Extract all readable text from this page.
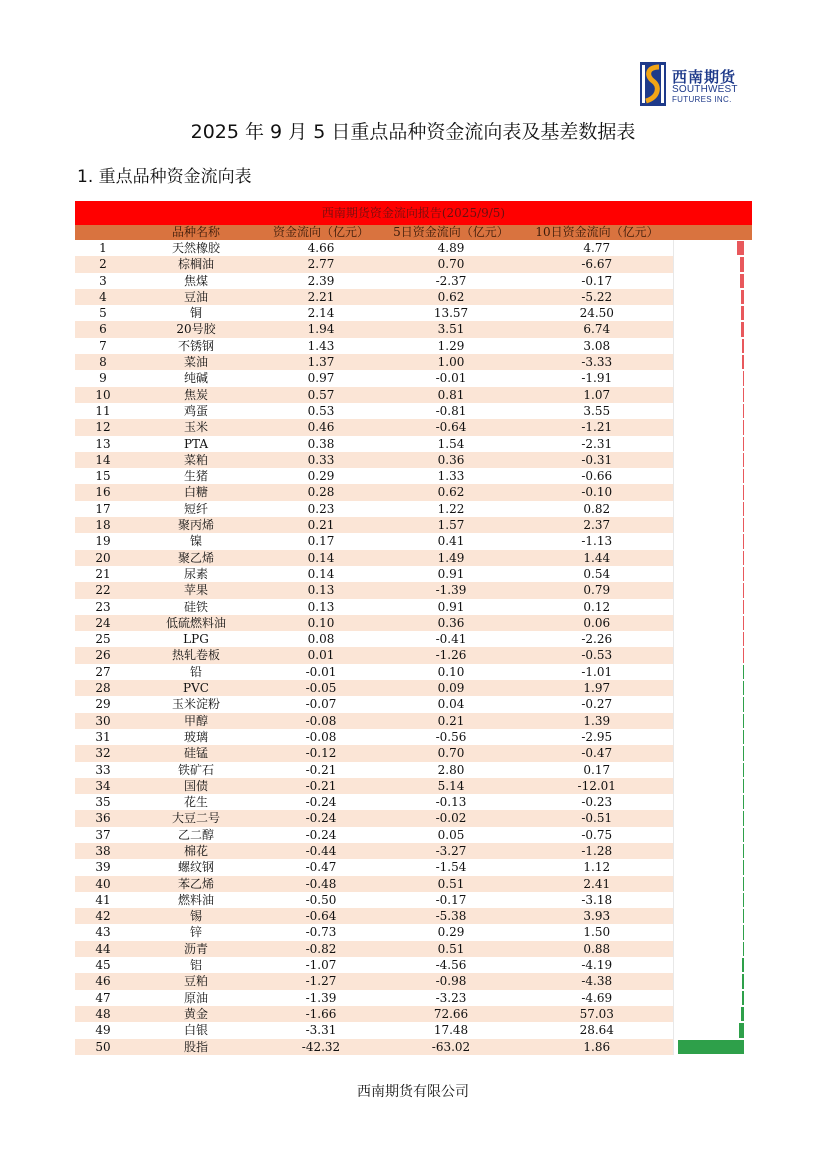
西南期货
SOUTHWEST
FUTURES INC.
2025 年 9 月 5 日重点品种资金流向表及基差数据表
1. 重点品种资金流向表
西南期货资金流向报告(2025/9/5)
	品种名称	资金流向（亿元）	5日资金流向（亿元）	10日资金流向（亿元）	
1	天然橡胶	4.66	4.89	4.77	

2	棕榈油	2.77	0.70	-6.67	

3	焦煤	2.39	-2.37	-0.17	

4	豆油	2.21	0.62	-5.22	

5	铜	2.14	13.57	24.50	

6	20号胶	1.94	3.51	6.74	

7	不锈钢	1.43	1.29	3.08	

8	菜油	1.37	1.00	-3.33	

9	纯碱	0.97	-0.01	-1.91	

10	焦炭	0.57	0.81	1.07	

11	鸡蛋	0.53	-0.81	3.55	

12	玉米	0.46	-0.64	-1.21	

13	PTA	0.38	1.54	-2.31	

14	菜粕	0.33	0.36	-0.31	

15	生猪	0.29	1.33	-0.66	

16	白糖	0.28	0.62	-0.10	

17	短纤	0.23	1.22	0.82	

18	聚丙烯	0.21	1.57	2.37	

19	镍	0.17	0.41	-1.13	

20	聚乙烯	0.14	1.49	1.44	

21	尿素	0.14	0.91	0.54	

22	苹果	0.13	-1.39	0.79	

23	硅铁	0.13	0.91	0.12	

24	低硫燃料油	0.10	0.36	0.06	

25	LPG	0.08	-0.41	-2.26	

26	热轧卷板	0.01	-1.26	-0.53	

27	铅	-0.01	0.10	-1.01	

28	PVC	-0.05	0.09	1.97	

29	玉米淀粉	-0.07	0.04	-0.27	

30	甲醇	-0.08	0.21	1.39	

31	玻璃	-0.08	-0.56	-2.95	

32	硅锰	-0.12	0.70	-0.47	

33	铁矿石	-0.21	2.80	0.17	

34	国债	-0.21	5.14	-12.01	

35	花生	-0.24	-0.13	-0.23	

36	大豆二号	-0.24	-0.02	-0.51	

37	乙二醇	-0.24	0.05	-0.75	

38	棉花	-0.44	-3.27	-1.28	

39	螺纹钢	-0.47	-1.54	1.12	

40	苯乙烯	-0.48	0.51	2.41	

41	燃料油	-0.50	-0.17	-3.18	

42	锡	-0.64	-5.38	3.93	

43	锌	-0.73	0.29	1.50	

44	沥青	-0.82	0.51	0.88	

45	铝	-1.07	-4.56	-4.19	

46	豆粕	-1.27	-0.98	-4.38	

47	原油	-1.39	-3.23	-4.69	

48	黄金	-1.66	72.66	57.03	

49	白银	-3.31	17.48	28.64	

50	股指	-42.32	-63.02	1.86	
西南期货有限公司
